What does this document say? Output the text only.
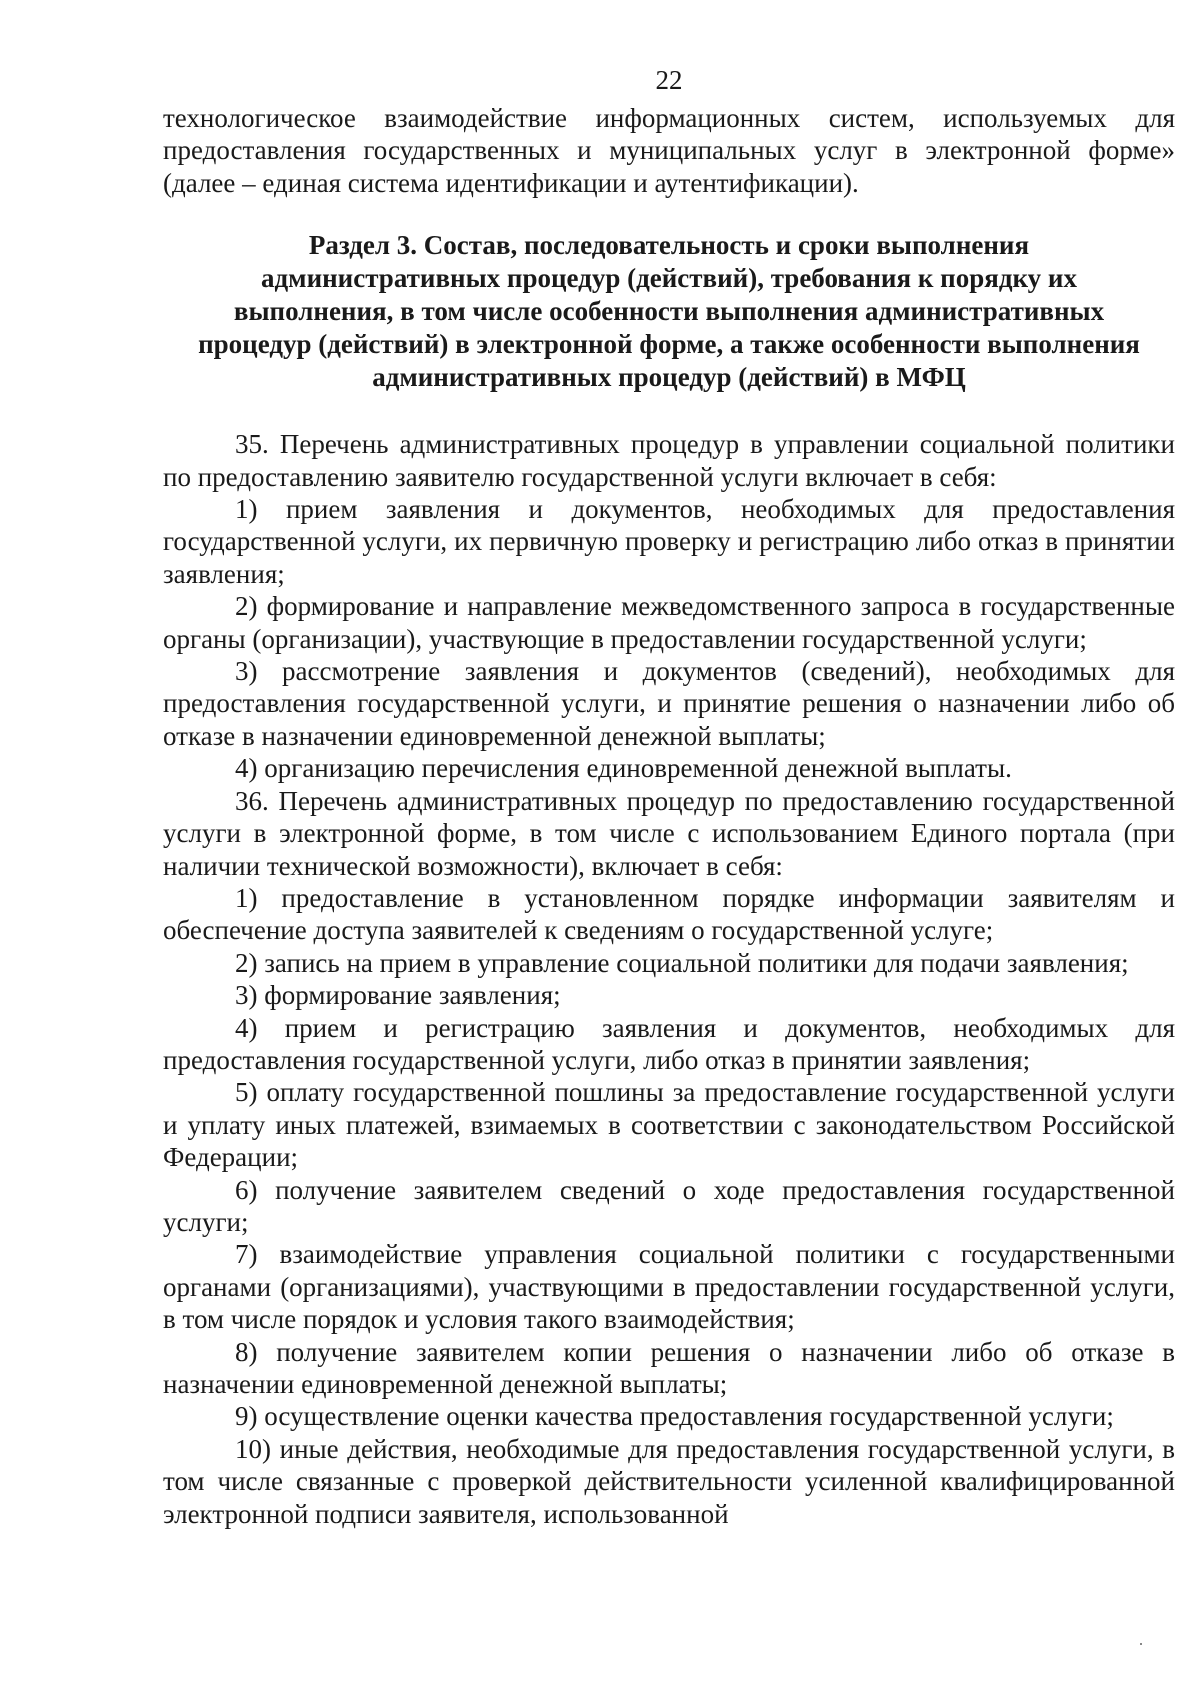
22

технологическое взаимодействие информационных систем, используемых для предоставления государственных и муниципальных услуг в электронной форме» (далее – единая система идентификации и аутентификации).

Раздел 3. Состав, последовательность и сроки выполнения
административных процедур (действий), требования к порядку их
выполнения, в том числе особенности выполнения административных
процедур (действий) в электронной форме, а также особенности выполнения
административных процедур (действий) в МФЦ

35. Перечень административных процедур в управлении социальной политики по предоставлению заявителю государственной услуги включает в себя:

1) прием заявления и документов, необходимых для предоставления государственной услуги, их первичную проверку и регистрацию либо отказ в принятии заявления;

2) формирование и направление межведомственного запроса в государственные органы (организации), участвующие в предоставлении государственной услуги;

3) рассмотрение заявления и документов (сведений), необходимых для предоставления государственной услуги, и принятие решения о назначении либо об отказе в назначении единовременной денежной выплаты;

4) организацию перечисления единовременной денежной выплаты.

36. Перечень административных процедур по предоставлению государственной услуги в электронной форме, в том числе с использованием Единого портала (при наличии технической возможности), включает в себя:

1) предоставление в установленном порядке информации заявителям и обеспечение доступа заявителей к сведениям о государственной услуге;

2) запись на прием в управление социальной политики для подачи заявления;

3) формирование заявления;

4) прием и регистрацию заявления и документов, необходимых для предоставления государственной услуги, либо отказ в принятии заявления;

5) оплату государственной пошлины за предоставление государственной услуги и уплату иных платежей, взимаемых в соответствии с законодательством Российской Федерации;

6) получение заявителем сведений о ходе предоставления государственной услуги;

7) взаимодействие управления социальной политики с государственными органами (организациями), участвующими в предоставлении государственной услуги, в том числе порядок и условия такого взаимодействия;

8) получение заявителем копии решения о назначении либо об отказе в назначении единовременной денежной выплаты;

9) осуществление оценки качества предоставления государственной услуги;

10) иные действия, необходимые для предоставления государственной услуги, в том числе связанные с проверкой действительности усиленной квалифицированной электронной подписи заявителя, использованной
